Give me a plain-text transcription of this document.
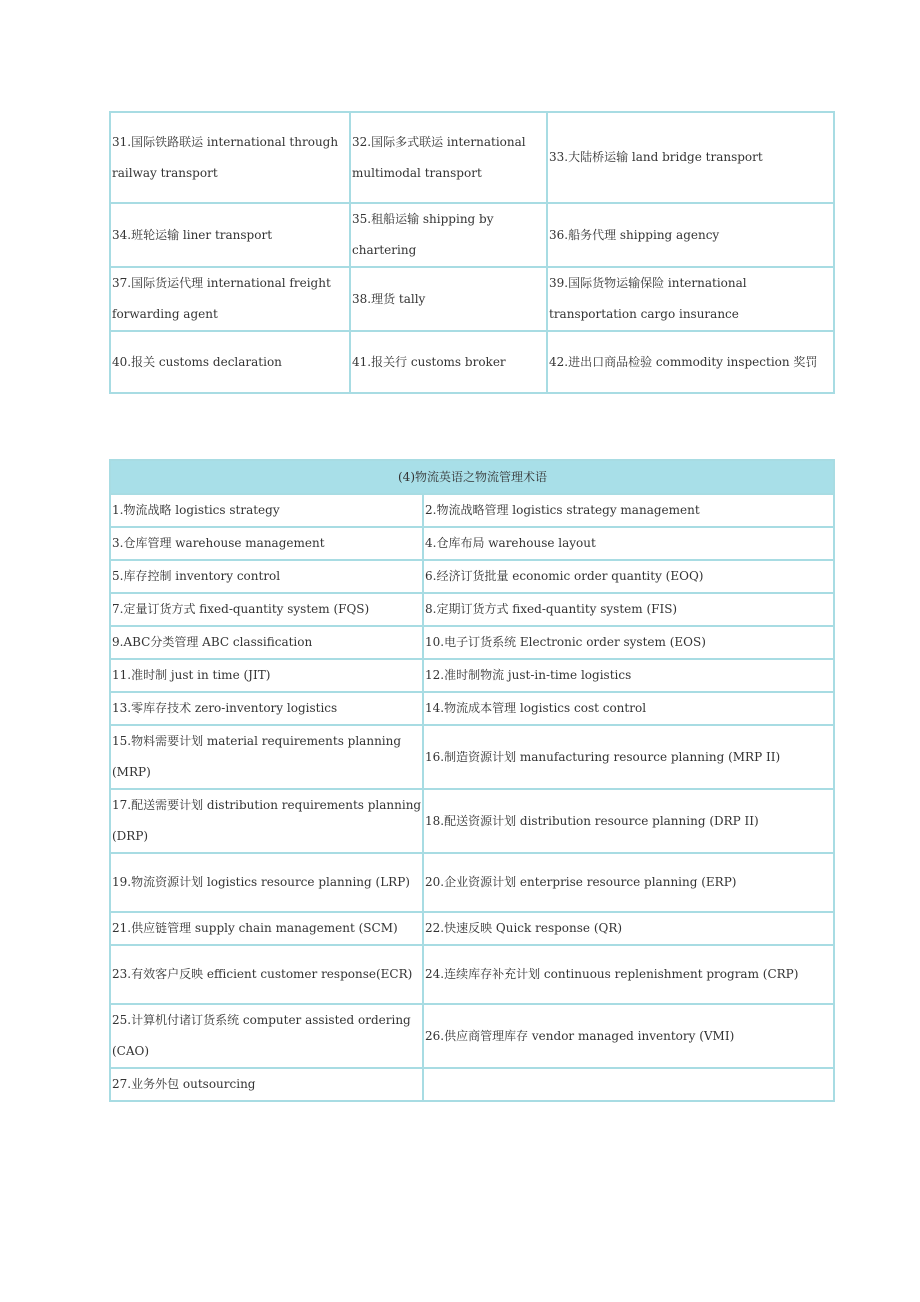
31.国际铁路联运 international through railway transport	32.国际多式联运 international multimodal transport	33.大陆桥运输 land bridge transport
34.班轮运输 liner transport	35.租船运输 shipping by chartering	36.船务代理 shipping agency
37.国际货运代理 international freight forwarding agent	38.理货 tally	39.国际货物运输保险 international transportation cargo insurance
40.报关 customs declaration	41.报关行 customs broker	42.进出口商品检验 commodity inspection 奖罚
(4)物流英语之物流管理术语	
1.物流战略 logistics strategy	2.物流战略管理 logistics strategy management
3.仓库管理 warehouse management	4.仓库布局 warehouse layout
5.库存控制 inventory control	6.经济订货批量 economic order quantity (EOQ)
7.定量订货方式 fixed-quantity system (FQS)	8.定期订货方式 fixed-quantity system (FIS)
9.ABC分类管理 ABC classification	10.电子订货系统 Electronic order system (EOS)
11.准时制 just in time (JIT)	12.准时制物流 just-in-time logistics
13.零库存技术 zero-inventory logistics	14.物流成本管理 logistics cost control
15.物料需要计划 material requirements planning (MRP)	16.制造资源计划 manufacturing resource planning (MRP II)
17.配送需要计划 distribution requirements planning (DRP)	18.配送资源计划 distribution resource planning (DRP II)
19.物流资源计划 logistics resource planning (LRP)	20.企业资源计划 enterprise resource planning (ERP)
21.供应链管理 supply chain management (SCM)	22.快速反映 Quick response (QR)
23.有效客户反映 efficient customer response(ECR)	24.连续库存补充计划 continuous replenishment program (CRP)
25.计算机付诸订货系统 computer assisted ordering (CAO)	26.供应商管理库存 vendor managed inventory (VMI)
27.业务外包 outsourcing	
